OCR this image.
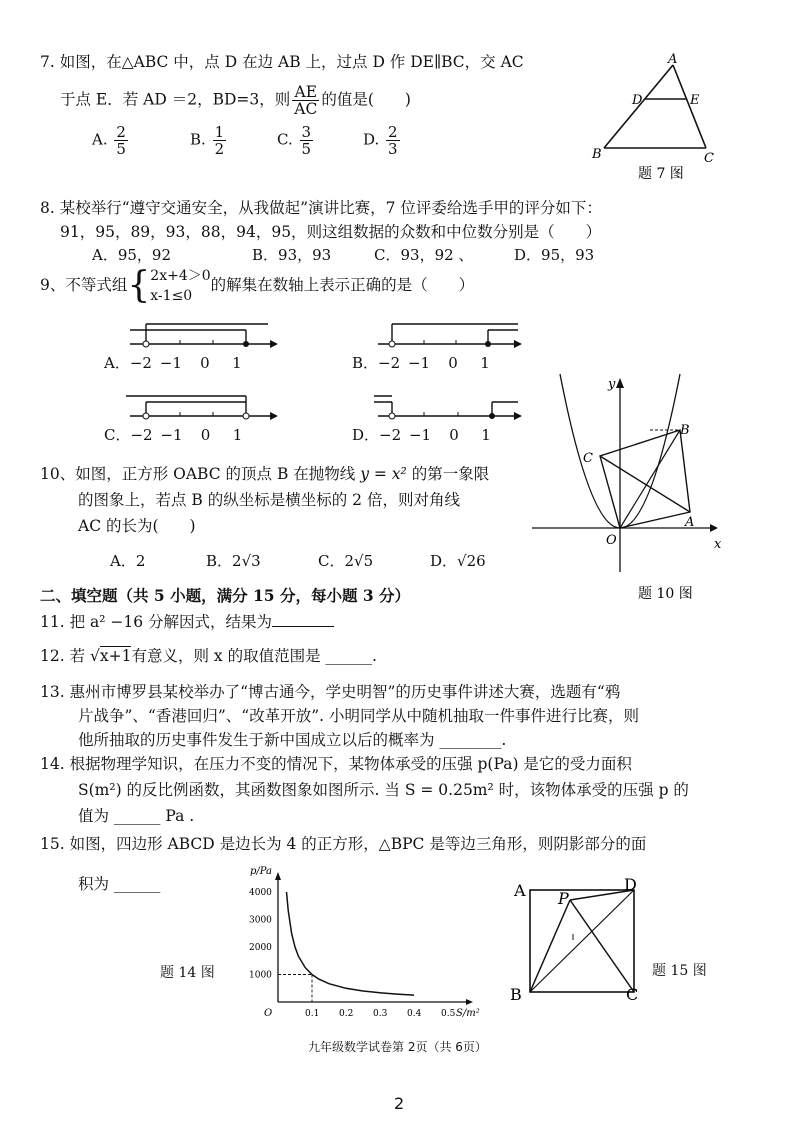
7. 如图，在△ABC 中，点 D 在边 AB 上，过点 D 作 DE∥BC，交 AC
于点 E．若 AD ＝2，BD=3，则 $\frac{AE}{AC}$ 的值是(　　)
A. $\frac{2}{5}$	B. $\frac{1}{2}$	C. $\frac{3}{5}$	D. $\frac{2}{3}$
A
D	E
B	C
题 7 图
8. 某校举行“遵守交通安全，从我做起”演讲比赛，7 位评委给选手甲的评分如下：
91，95，89，93，88，94，95，则这组数据的众数和中位数分别是（　　）
A．95，92	B．93，93	C．93，92 、	D．95，93
9、不等式组{ 2x+4＞0
x-1≤0
的解集在数轴上表示正确的是（　　）
A．−2 −1 0 1	B．−2 −1 0 1
C．−2 −1 0 1	D．−2 −1 0 1
y
x
O
A
B
C
题 10 图
10、如图，正方形 OABC 的顶点 B 在抛物线 y = x² 的第一象限
的图象上，若点 B 的纵坐标是横坐标的 2 倍，则对角线
AC 的长为(　　)
A．2	B．2√3	C．2√5	D．√26
二、填空题（共 5 小题，满分 15 分，每小题 3 分）
11. 把 a² −16 分解因式，结果为
12. 若 √x+1有意义，则 x 的取值范围是 ______.
13. 惠州市博罗县某校举办了“博古通今，学史明智”的历史事件讲述大赛，选题有“鸦
片战争”、“香港回归”、“改革开放”. 小明同学从中随机抽取一件事件进行比赛，则
他所抽取的历史事件发生于新中国成立以后的概率为 ________.
14. 根据物理学知识，在压力不变的情况下，某物体承受的压强 p(Pa) 是它的受力面积
S(m²) 的反比例函数，其函数图象如图所示. 当 S = 0.25m² 时，该物体承受的压强 p 的
值为 ______ Pa .
15. 如图，四边形 ABCD 是边长为 4 的正方形，△BPC 是等边三角形，则阴影部分的面
积为 ______
题 14 图
0.1 0.2 0.3 0.4 0.5
1000
2000
3000
4000
O
p/Pa
S/m²
A P
D
B	C
题 15 图
九年级数学试卷第 2页（共 6页）
2
